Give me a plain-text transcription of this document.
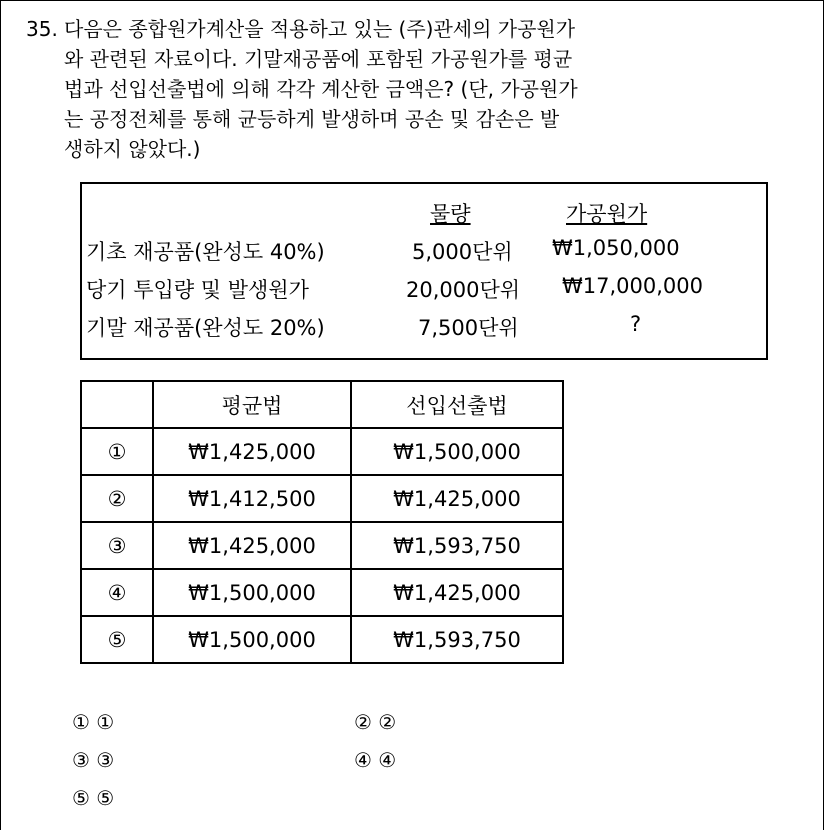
35. 다음은 종합원가계산을 적용하고 있는 (주)관세의 가공원가
와 관련된 자료이다. 기말재공품에 포함된 가공원가를 평균
법과 선입선출법에 의해 각각 계산한 금액은? (단, 가공원가
는 공정전체를 통해 균등하게 발생하며 공손 및 감손은 발
생하지 않았다.)
물량	가공원가
기초 재공품(완성도 40%)	5,000단위 ₩1,050,000
당기 투입량 및 발생원가	20,000단위 ₩17,000,000
기말 재공품(완성도 20%)	7,500단위	?
	평균법	선입선출법
①	₩1,425,000	₩1,500,000
②	₩1,412,500	₩1,425,000
③	₩1,425,000	₩1,593,750
④	₩1,500,000	₩1,425,000
⑤	₩1,500,000	₩1,593,750
① ①	② ②
③ ③	④ ④
⑤ ⑤
